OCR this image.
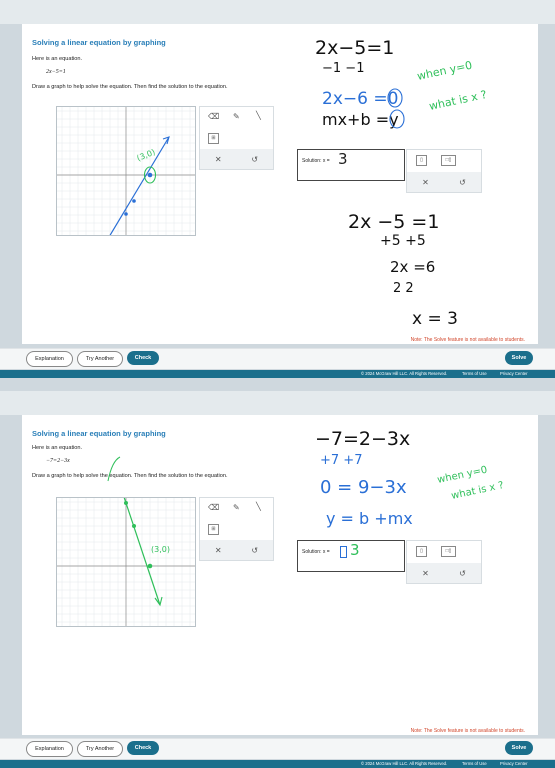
Solving a linear equation by graphing
Here is an equation.
2x−5=1
Draw a graph to help solve the equation. Then find the solution to the equation.
(3,0)
⌫ ✎ ╲
⊞
✕	↺	Solution: x = 3	▯	□▯
✕	↺
2x−5=1
−1 −1
2x−6 =0
mx+b =y
when y=0
what is x ?
2x −5 =1
+5 +5
2x =6
2 2
x = 3
Note: The Solve feature is not available to students.
Explanation	Try Another	Check	Solve
© 2024 McGraw Hill LLC. All Rights Reserved.	Terms of Use	Privacy Center
Solving a linear equation by graphing
Here is an equation.
−7=2−3x
Draw a graph to help solve the equation. Then find the solution to the equation.
(3,0)
⌫ ✎ ╲
⊞
✕	↺	Solution: x = 3	▯	□▯
✕	↺
−7=2−3x
+7 +7
0 = 9−3x
y = b +mx
when y=0
what is x ?
Note: The Solve feature is not available to students.
Explanation	Try Another	Check	Solve
© 2024 McGraw Hill LLC. All Rights Reserved.	Terms of Use	Privacy Center
